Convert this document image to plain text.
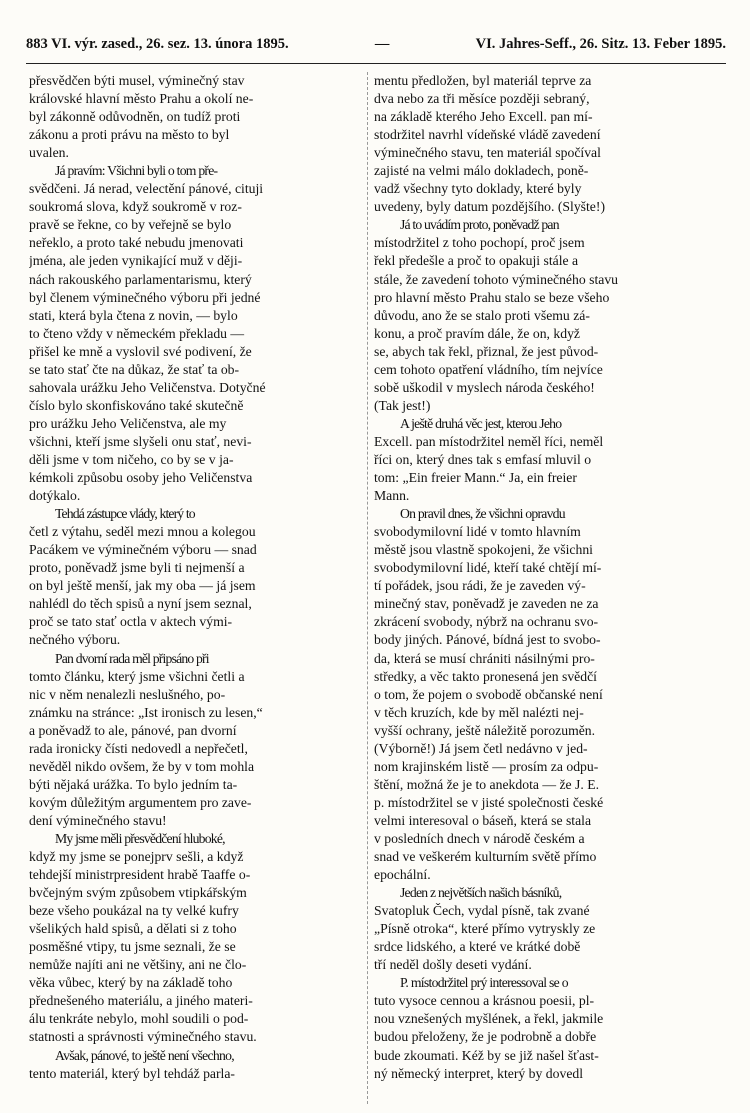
883 VI. výr. zased., 26. sez. 13. února 1895.	—	VI. Jahres-Seff., 26. Sitz. 13. Feber 1895.
přesvědčen býti musel, výminečný stav
královské hlavní město Prahu a okolí ne-
byl zákonně odůvodněn, on tudíž proti
zákonu a proti právu na město to byl
uvalen.
Já pravím: Všichni byli o tom pře-
svědčeni. Já nerad, velectění pánové, cituji
soukromá slova, když soukromě v roz-
pravě se řekne, co by veřejně se bylo
neřeklo, a proto také nebudu jmenovati
jména, ale jeden vynikající muž v ději-
nách rakouského parlamentarismu, který
byl členem výminečného výboru při jedné
stati, která byla čtena z novin, — bylo
to čteno vždy v německém překladu —
přišel ke mně a vyslovil své podivení, že
se tato stať čte na důkaz, že stať ta ob-
sahovala urážku Jeho Veličenstva. Dotyčné
číslo bylo skonfiskováno také skutečně
pro urážku Jeho Veličenstva, ale my
všichni, kteří jsme slyšeli onu stať, nevi-
děli jsme v tom ničeho, co by se v ja-
kémkoli způsobu osoby jeho Veličenstva
dotýkalo.
Tehdá zástupce vlády, který to
četl z výtahu, seděl mezi mnou a kolegou
Pacákem ve výminečném výboru — snad
proto, poněvadž jsme byli ti nejmenší a
on byl ještě menší, jak my oba — já jsem
nahlédl do těch spisů a nyní jsem seznal,
proč se tato stať octla v aktech vými-
nečného výboru.
Pan dvorní rada měl připsáno při
tomto článku, který jsme všichni četli a
nic v něm nenalezli neslušného, po-
známku na stránce: „Ist ironisch zu lesen,“
a poněvadž to ale, pánové, pan dvorní
rada ironicky čísti nedovedl a nepřečetl,
nevěděl nikdo ovšem, že by v tom mohla
býti nějaká urážka. To bylo jedním ta-
kovým důležitým argumentem pro zave-
dení výminečného stavu!
My jsme měli přesvědčení hluboké,
když my jsme se ponejprv sešli, a když
tehdejší ministrpresident hrabě Taaffe o-
bvčejným svým způsobem vtipkářským
beze všeho poukázal na ty velké kufry
všelikých hald spisů, a dělati si z toho
posměšné vtipy, tu jsme seznali, že se
nemůže najíti ani ne většiny, ani ne člo-
věka vůbec, který by na základě toho
přednešeného materiálu, a jiného materi-
álu tenkráte nebylo, mohl soudili o pod-
statnosti a správnosti výminečného stavu.
Avšak, pánové, to ještě není všechno,
tento materiál, který byl tehdáž parla-
mentu předložen, byl materiál teprve za
dva nebo za tři měsíce později sebraný,
na základě kterého Jeho Excell. pan mí-
stodržitel navrhl vídeňské vládě zavedení
výminečného stavu, ten materiál spočíval
zajisté na velmi málo dokladech, poně-
vadž všechny tyto doklady, které byly
uvedeny, byly datum pozdějšího. (Slyšte!)
Já to uvádím proto, poněvadž pan
místodržitel z toho pochopí, proč jsem
řekl předešle a proč to opakuji stále a
stále, že zavedení tohoto výminečného stavu
pro hlavní město Prahu stalo se beze všeho
důvodu, ano že se stalo proti všemu zá-
konu, a proč pravím dále, že on, když
se, abych tak řekl, přiznal, že jest původ-
cem tohoto opatření vládního, tím nejvíce
sobě uškodil v myslech národa českého!
(Tak jest!)
A ještě druhá věc jest, kterou Jeho
Excell. pan místodržitel neměl říci, neměl
říci on, který dnes tak s emfasí mluvil o
tom: „Ein freier Mann.“ Ja, ein freier
Mann.
On pravil dnes, že všichni opravdu
svobodymilovní lidé v tomto hlavním
městě jsou vlastně spokojeni, že všichni
svobodymilovní lidé, kteří také chtějí mí-
tí pořádek, jsou rádi, že je zaveden vý-
minečný stav, poněvadž je zaveden ne za
zkrácení svobody, nýbrž na ochranu svo-
body jiných. Pánové, bídná jest to svobo-
da, která se musí chrániti násilnými pro-
středky, a věc takto pronesená jen svědčí
o tom, že pojem o svobodě občanské není
v těch kruzích, kde by měl nalézti nej-
vyšší ochrany, ještě náležitě porozuměn.
(Výborně!) Já jsem četl nedávno v jed-
nom krajinském listě — prosím za odpu-
štění, možná že je to anekdota — že J. E.
p. místodržitel se v jisté společnosti české
velmi interesoval o báseň, která se stala
v posledních dnech v národě českém a
snad ve veškerém kulturním světě přímo
epochální.
Jeden z největších našich básníků,
Svatopluk Čech, vydal písně, tak zvané
„Písně otroka“, které přímo vytryskly ze
srdce lidského, a které ve krátké době
tří neděl došly deseti vydání.
P. místodržitel prý interessoval se o
tuto vysoce cennou a krásnou poesii, pl-
nou vznešených myšlének, a řekl, jakmile
budou přeloženy, že je podrobně a dobře
bude zkoumati. Kéž by se již našel šťast-
ný německý interpret, který by dovedl
